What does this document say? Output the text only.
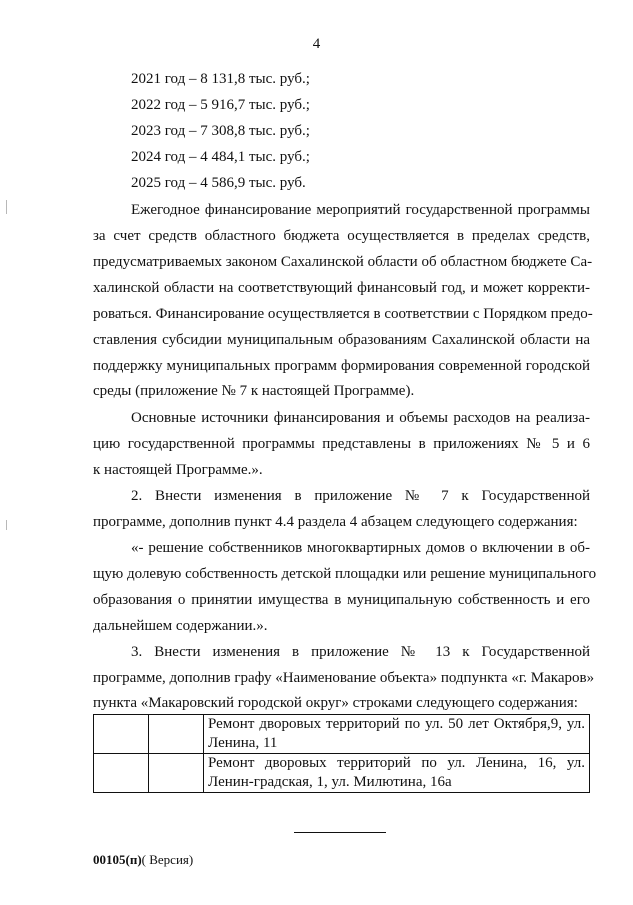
4
2021 год – 8 131,8 тыс. руб.;
2022 год – 5 916,7 тыс. руб.;
2023 год – 7 308,8 тыс. руб.;
2024 год – 4 484,1 тыс. руб.;
2025 год – 4 586,9 тыс. руб.
Ежегодное финансирование мероприятий государственной программы
за счет средств областного бюджета осуществляется в пределах средств,
предусматриваемых законом Сахалинской области об областном бюджете Са-
халинской области на соответствующий финансовый год, и может корректи-
роваться. Финансирование осуществляется в соответствии с Порядком предо-
ставления субсидии муниципальным образованиям Сахалинской области на
поддержку муниципальных программ формирования современной городской
среды (приложение № 7 к настоящей Программе).
Основные источники финансирования и объемы расходов на реализа-
цию государственной программы представлены в приложениях № 5 и 6
к настоящей Программе.».
2. Внести изменения в приложение № 7 к Государственной
программе, дополнив пункт 4.4 раздела 4 абзацем следующего содержания:
«- решение собственников многоквартирных домов о включении в об-
щую долевую собственность детской площадки или решение муниципального
образования о принятии имущества в муниципальную собственность и его
дальнейшем содержании.».
3. Внести изменения в приложение № 13 к Государственной
программе, дополнив графу «Наименование объекта» подпункта «г. Макаров»
пункта «Макаровский городской округ» строками следующего содержания:
		Ремонт дворовых территорий по ул. 50 лет Октября,9, ул. Ленина, 11
		Ремонт дворовых территорий по ул. Ленина, 16, ул. Ленин-градская, 1, ул. Милютина, 16а
00105(п)( Версия)
